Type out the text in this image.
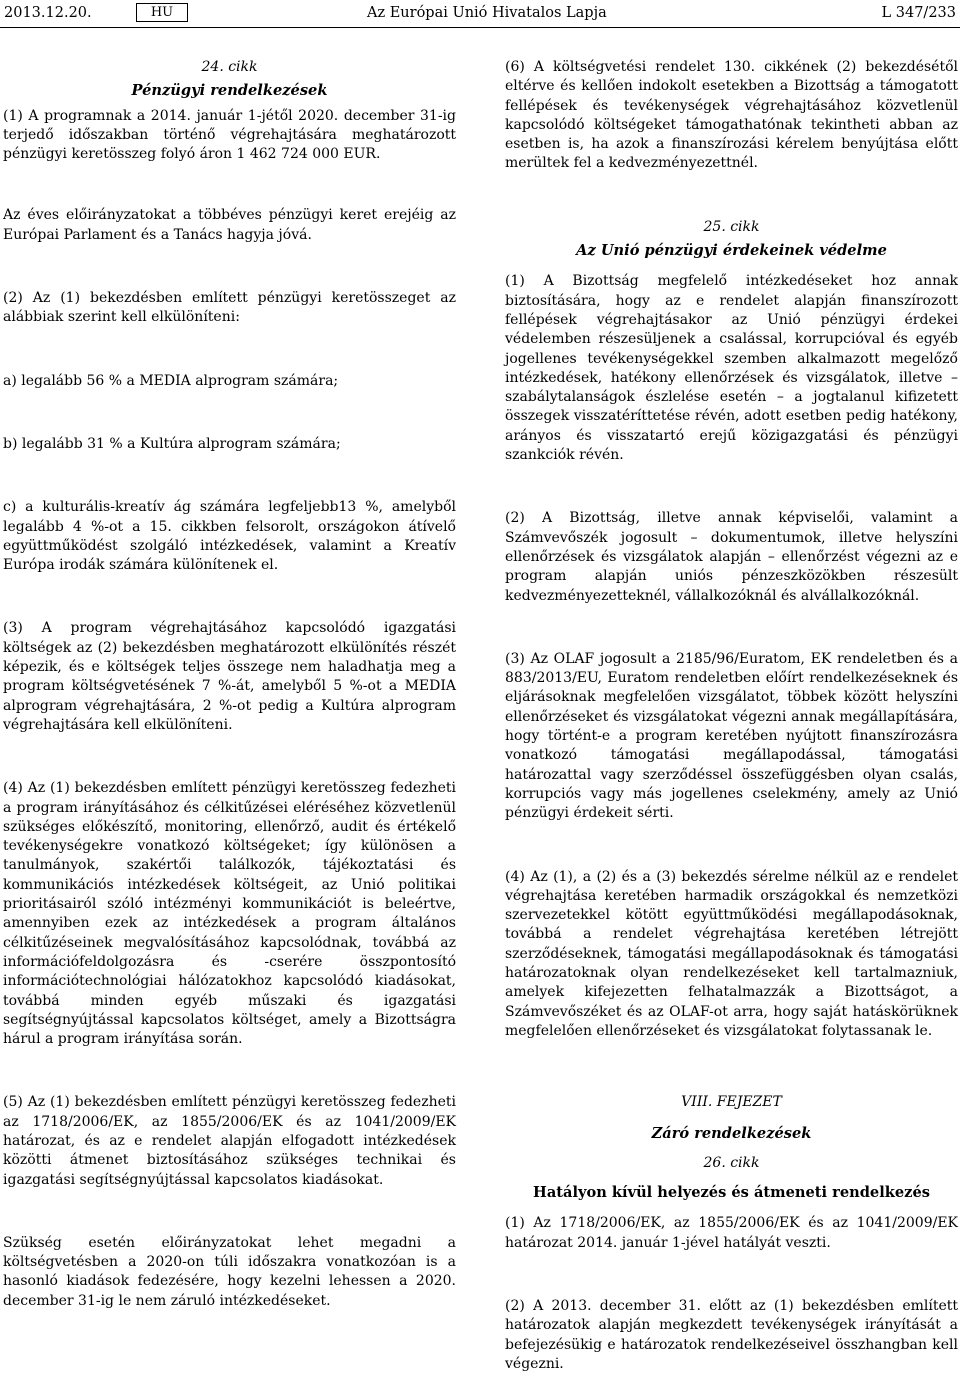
2013.12.20.	HU	Az Európai Unió Hivatalos Lapja	L 347/233
24. cikk
Pénzügyi rendelkezések

(1) A programnak a 2014. január 1-jétől 2020. december 31-ig terjedő időszakban történő végrehajtására meghatározott pénzügyi keretösszeg folyó áron 1 462 724 000 EUR.

Az éves előirányzatokat a többéves pénzügyi keret erejéig az Európai Parlament és a Tanács hagyja jóvá.

(2) Az (1) bekezdésben említett pénzügyi keretösszeget az alábbiak szerint kell elkülöníteni:

a) legalább 56 % a MEDIA alprogram számára;

b) legalább 31 % a Kultúra alprogram számára;

c) a kulturális-kreatív ág számára legfeljebb13 %, amelyből legalább 4 %-ot a 15. cikkben felsorolt, országokon átívelő együttműködést szolgáló intézkedések, valamint a Kreatív Európa irodák számára különítenek el.

(3) A program végrehajtásához kapcsolódó igazgatási költségek az (2) bekezdésben meghatározott elkülönítés részét képezik, és e költségek teljes összege nem haladhatja meg a program költségvetésének 7 %-át, amelyből 5 %-ot a MEDIA alprogram végrehajtására, 2 %-ot pedig a Kultúra alprogram végrehajtására kell elkülöníteni.

(4) Az (1) bekezdésben említett pénzügyi keretösszeg fedezheti a program irányításához és célkitűzései eléréséhez közvetlenül szükséges előkészítő, monitoring, ellenőrző, audit és értékelő tevékenységekre vonatkozó költségeket; így különösen a tanulmányok, szakértői találkozók, tájékoztatási és kommunikációs intézkedések költségeit, az Unió politikai prioritásairól szóló intézményi kommunikációt is beleértve, amennyiben ezek az intézkedések a program általános célkitűzéseinek megvalósításához kapcsolódnak, továbbá az információfeldolgozásra és -cserére összpontosító információtechnológiai hálózatokhoz kapcsolódó kiadásokat, továbbá minden egyéb műszaki és igazgatási segítségnyújtással kapcsolatos költséget, amely a Bizottságra hárul a program irányítása során.

(5) Az (1) bekezdésben említett pénzügyi keretösszeg fedezheti az 1718/2006/EK, az 1855/2006/EK és az 1041/2009/EK határozat, és az e rendelet alapján elfogadott intézkedések közötti átmenet biztosításához szükséges technikai és igazgatási segítségnyújtással kapcsolatos kiadásokat.

Szükség esetén előirányzatokat lehet megadni a költségvetésben a 2020-on túli időszakra vonatkozóan is a hasonló kiadások fedezésére, hogy kezelni lehessen a 2020. december 31-ig le nem záruló intézkedéseket.

(6) A költségvetési rendelet 130. cikkének (2) bekezdésétől eltérve és kellően indokolt esetekben a Bizottság a támogatott fellépések és tevékenységek végrehajtásához közvetlenül kapcsolódó költségeket támogathatónak tekintheti abban az esetben is, ha azok a finanszírozási kérelem benyújtása előtt merültek fel a kedvezményezettnél.

25. cikk
Az Unió pénzügyi érdekeinek védelme

(1) A Bizottság megfelelő intézkedéseket hoz annak biztosítására, hogy az e rendelet alapján finanszírozott fellépések végrehajtásakor az Unió pénzügyi érdekei védelemben részesüljenek a csalással, korrupcióval és egyéb jogellenes tevékenységekkel szemben alkalmazott megelőző intézkedések, hatékony ellenőrzések és vizsgálatok, illetve – szabálytalanságok észlelése esetén – a jogtalanul kifizetett összegek visszatéríttetése révén, adott esetben pedig hatékony, arányos és visszatartó erejű közigazgatási és pénzügyi szankciók révén.

(2) A Bizottság, illetve annak képviselői, valamint a Számvevőszék jogosult – dokumentumok, illetve helyszíni ellenőrzések és vizsgálatok alapján – ellenőrzést végezni az e program alapján uniós pénzeszközökben részesült kedvezményezetteknél, vállalkozóknál és alvállalkozóknál.

(3) Az OLAF jogosult a 2185/96/Euratom, EK rendeletben és a 883/2013/EU, Euratom rendeletben előírt rendelkezéseknek és eljárásoknak megfelelően vizsgálatot, többek között helyszíni ellenőrzéseket és vizsgálatokat végezni annak megállapítására, hogy történt-e a program keretében nyújtott finanszírozásra vonatkozó támogatási megállapodással, támogatási határozattal vagy szerződéssel összefüggésben olyan csalás, korrupciós vagy más jogellenes cselekmény, amely az Unió pénzügyi érdekeit sérti.

(4) Az (1), a (2) és a (3) bekezdés sérelme nélkül az e rendelet végrehajtása keretében harmadik országokkal és nemzetközi szervezetekkel kötött együttműködési megállapodásoknak, továbbá a rendelet végrehajtása keretében létrejött szerződéseknek, támogatási megállapodásoknak és támogatási határozatoknak olyan rendelkezéseket kell tartalmazniuk, amelyek kifejezetten felhatalmazzák a Bizottságot, a Számvevőszéket és az OLAF-ot arra, hogy saját hatáskörüknek megfelelően ellenőrzéseket és vizsgálatokat folytassanak le.

VIII. FEJEZET
Záró rendelkezések
26. cikk
Hatályon kívül helyezés és átmeneti rendelkezés

(1) Az 1718/2006/EK, az 1855/2006/EK és az 1041/2009/EK határozat 2014. január 1-jével hatályát veszti.

(2) A 2013. december 31. előtt az (1) bekezdésben említett határozatok alapján megkezdett tevékenységek irányítását a befejezésükig e határozatok rendelkezéseivel összhangban kell végezni.
